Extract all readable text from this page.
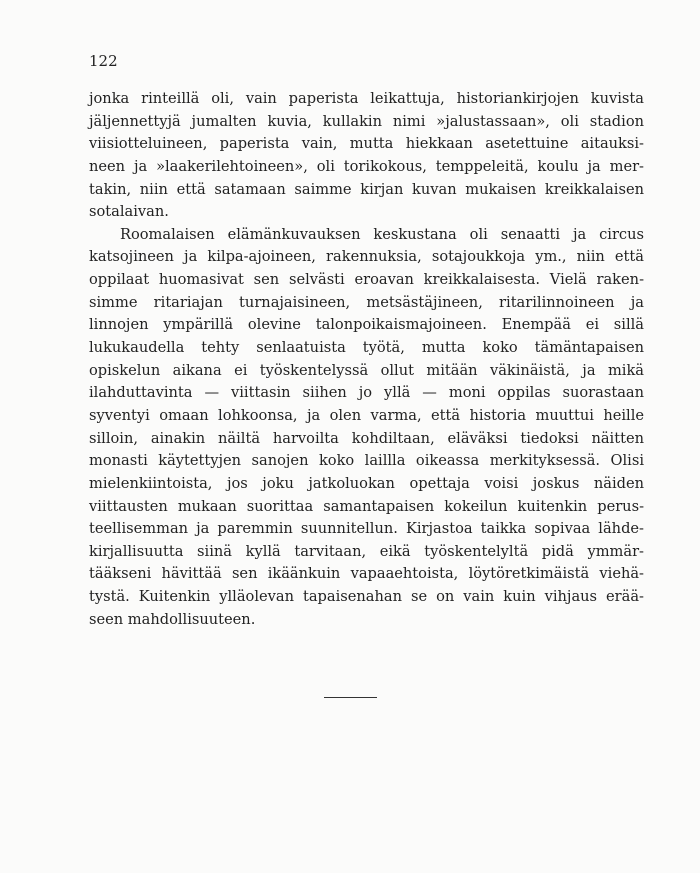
122
jonka rinteillä oli, vain paperista leikattuja, historiankirjojen kuvista
jäljennettyjä jumalten kuvia, kullakin nimi »jalustassaan», oli stadion
viisiotteluineen, paperista vain, mutta hiekkaan asetettuine aitauksi-
neen ja »laakerilehtoineen», oli torikokous, temppeleitä, koulu ja mer-
takin, niin että satamaan saimme kirjan kuvan mukaisen kreikkalaisen
sotalaivan.
Roomalaisen elämänkuvauksen keskustana oli senaatti ja circus
katsojineen ja kilpa-ajoineen, rakennuksia, sotajoukkoja ym., niin että
oppilaat huomasivat sen selvästi eroavan kreikkalaisesta. Vielä raken-
simme ritariajan turnajaisineen, metsästäjineen, ritarilinnoineen ja
linnojen ympärillä olevine talonpoikaismajoineen. Enempää ei sillä
lukukaudella tehty senlaatuista työtä, mutta koko tämäntapaisen
opiskelun aikana ei työskentelyssä ollut mitään väkinäistä, ja mikä
ilahduttavinta — viittasin siihen jo yllä — moni oppilas suorastaan
syventyi omaan lohkoonsa, ja olen varma, että historia muuttui heille
silloin, ainakin näiltä harvoilta kohdiltaan, eläväksi tiedoksi näitten
monasti käytettyjen sanojen koko laillla oikeassa merkityksessä. Olisi
mielenkiintoista, jos joku jatkoluokan opettaja voisi joskus näiden
viittausten mukaan suorittaa samantapaisen kokeilun kuitenkin perus-
teellisemman ja paremmin suunnitellun. Kirjastoa taikka sopivaa lähde-
kirjallisuutta siinä kyllä tarvitaan, eikä työskentelyltä pidä ymmär-
tääkseni hävittää sen ikäänkuin vapaaehtoista, löytöretkimäistä viehä-
tystä. Kuitenkin ylläolevan tapaisenahan se on vain kuin vihjaus erää-
seen mahdollisuuteen.
